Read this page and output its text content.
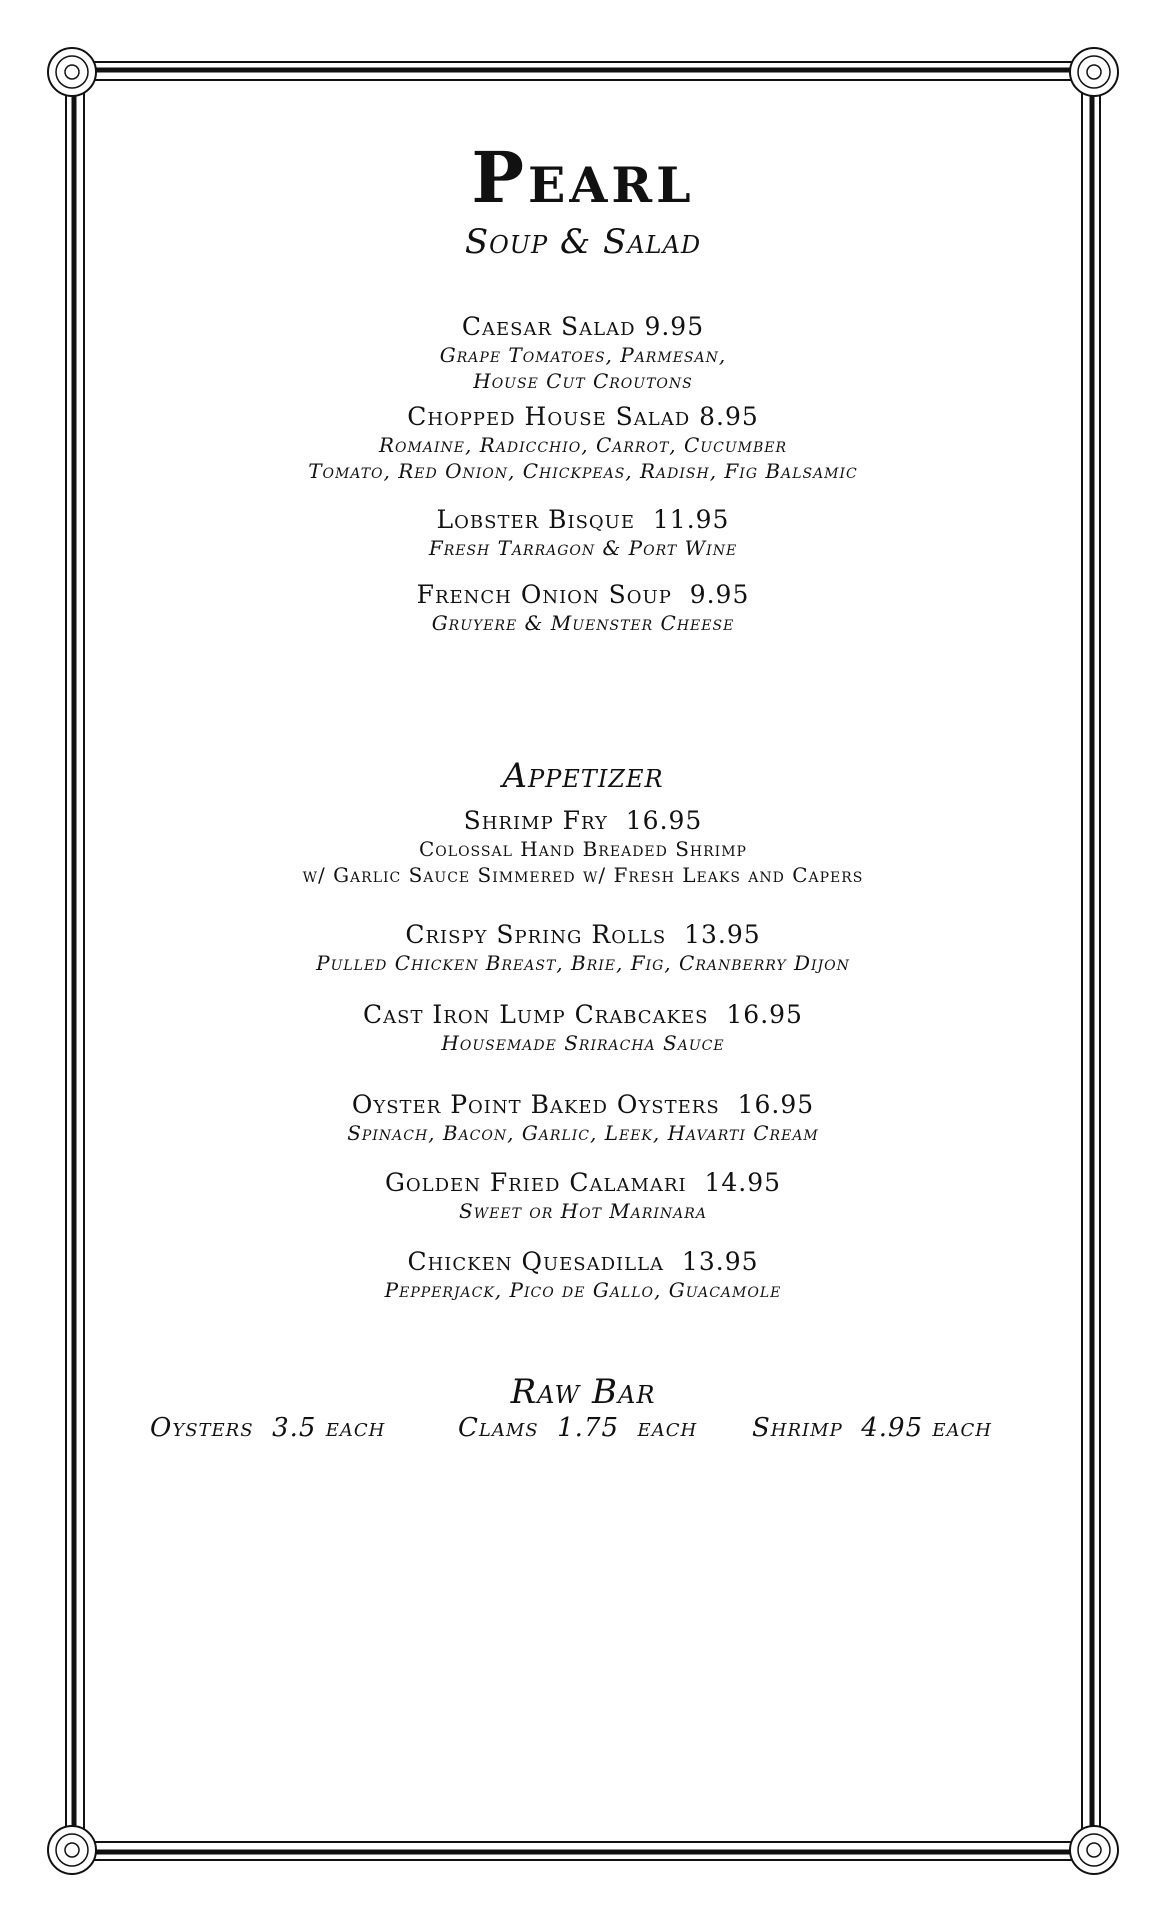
Pearl
Soup & Salad
Caesar Salad 9.95
Grape Tomatoes, Parmesan,
House Cut Croutons
Chopped House Salad 8.95
Romaine, Radicchio, Carrot, Cucumber
Tomato, Red Onion, Chickpeas, Radish, Fig Balsamic
Lobster Bisque  11.95
Fresh Tarragon & Port Wine
French Onion Soup  9.95
Gruyere & Muenster Cheese
Appetizer
Shrimp Fry  16.95
Colossal Hand Breaded Shrimp
w/ Garlic Sauce Simmered w/ Fresh Leaks and Capers
Crispy Spring Rolls  13.95
Pulled Chicken Breast, Brie, Fig, Cranberry Dijon
Cast Iron Lump Crabcakes  16.95
Housemade Sriracha Sauce
Oyster Point Baked Oysters  16.95
Spinach, Bacon, Garlic, Leek, Havarti Cream
Golden Fried Calamari  14.95
Sweet or Hot Marinara
Chicken Quesadilla  13.95
Pepperjack, Pico de Gallo, Guacamole
Raw Bar

Oysters  3.5 each

	Clams  1.75  each

Shrimp  4.95 each
